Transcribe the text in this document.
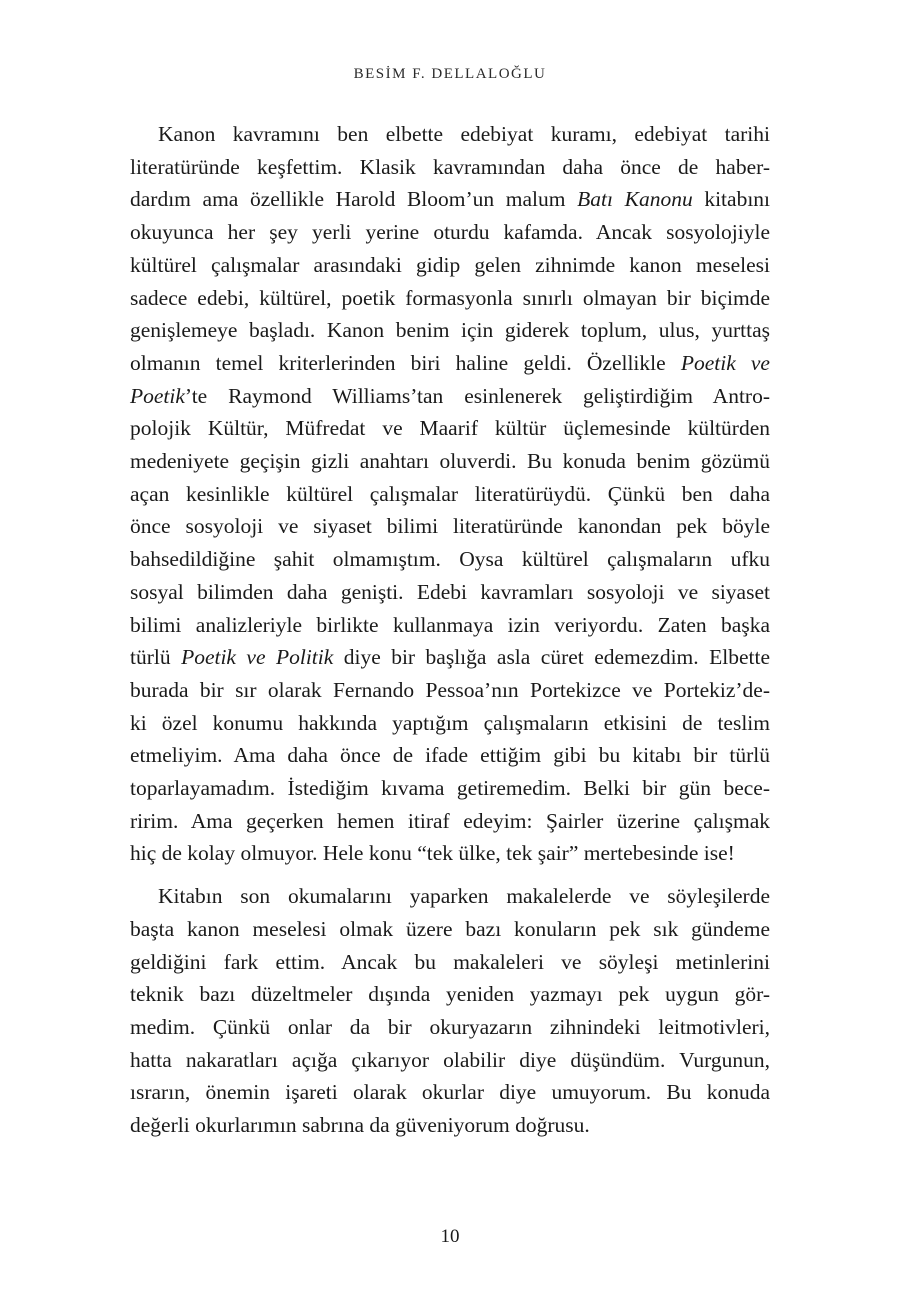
BESİM F. DELLALOĞLU

Kanon kavramını ben elbette edebiyat kuramı, edebiyat tarihi
literatüründe keşfettim. Klasik kavramından daha önce de haber-
dardım ama özellikle Harold Bloom’un malum Batı Kanonu kitabını
okuyunca her şey yerli yerine oturdu kafamda. Ancak sosyolojiyle
kültürel çalışmalar arasındaki gidip gelen zihnimde kanon meselesi
sadece edebi, kültürel, poetik formasyonla sınırlı olmayan bir biçimde
genişlemeye başladı. Kanon benim için giderek toplum, ulus, yurttaş
olmanın temel kriterlerinden biri haline geldi. Özellikle Poetik ve
Poetik’te Raymond Williams’tan esinlenerek geliştirdiğim Antro-
polojik Kültür, Müfredat ve Maarif kültür üçlemesinde kültürden
medeniyete geçişin gizli anahtarı oluverdi. Bu konuda benim gözümü
açan kesinlikle kültürel çalışmalar literatürüydü. Çünkü ben daha
önce sosyoloji ve siyaset bilimi literatüründe kanondan pek böyle
bahsedildiğine şahit olmamıştım. Oysa kültürel çalışmaların ufku
sosyal bilimden daha genişti. Edebi kavramları sosyoloji ve siyaset
bilimi analizleriyle birlikte kullanmaya izin veriyordu. Zaten başka
türlü Poetik ve Politik diye bir başlığa asla cüret edemezdim. Elbette
burada bir sır olarak Fernando Pessoa’nın Portekizce ve Portekiz’de-
ki özel konumu hakkında yaptığım çalışmaların etkisini de teslim
etmeliyim. Ama daha önce de ifade ettiğim gibi bu kitabı bir türlü
toparlayamadım. İstediğim kıvama getiremedim. Belki bir gün bece-
ririm. Ama geçerken hemen itiraf edeyim: Şairler üzerine çalışmak
hiç de kolay olmuyor. Hele konu “tek ülke, tek şair” mertebesinde ise!

Kitabın son okumalarını yaparken makalelerde ve söyleşilerde
başta kanon meselesi olmak üzere bazı konuların pek sık gündeme
geldiğini fark ettim. Ancak bu makaleleri ve söyleşi metinlerini
teknik bazı düzeltmeler dışında yeniden yazmayı pek uygun gör-
medim. Çünkü onlar da bir okuryazarın zihnindeki leitmotivleri,
hatta nakaratları açığa çıkarıyor olabilir diye düşündüm. Vurgunun,
ısrarın, önemin işareti olarak okurlar diye umuyorum. Bu konuda
değerli okurlarımın sabrına da güveniyorum doğrusu.

10
